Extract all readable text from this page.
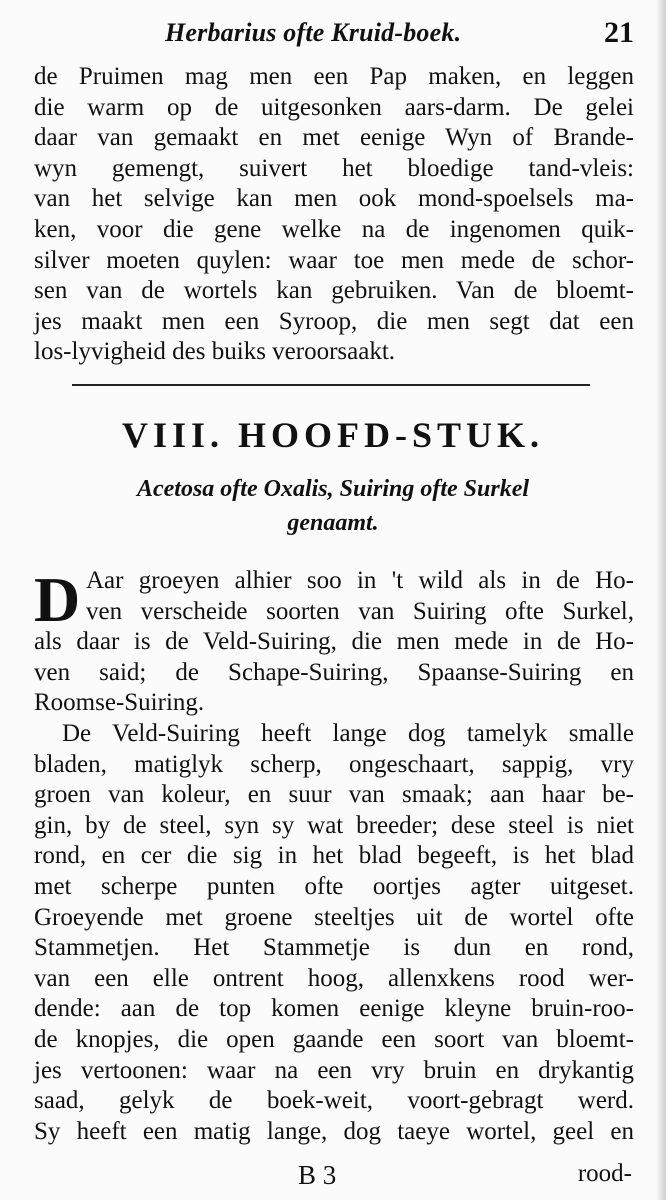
Herbarius ofte Kruid-boek.	21
de Pruimen mag men een Pap maken, en leggen
die warm op de uitgesonken aars-darm. De gelei
daar van gemaakt en met eenige Wyn of Brande-
wyn gemengt, suivert het bloedige tand-vleis:
van het selvige kan men ook mond-spoelsels ma-
ken, voor die gene welke na de ingenomen quik-
silver moeten quylen: waar toe men mede de schor-
sen van de wortels kan gebruiken. Van de bloemt-
jes maakt men een Syroop, die men segt dat een
los-lyvigheid des buiks veroorsaakt.
VIII. HOOFD-STUK.
Acetosa ofte Oxalis, Suiring ofte Surkel
genaamt.
D Aar groeyen alhier soo in 't wild als in de Ho-
ven verscheide soorten van Suiring ofte Surkel,
als daar is de Veld-Suiring, die men mede in de Ho-
ven said; de Schape-Suiring, Spaanse-Suiring en
Roomse-Suiring.
De Veld-Suiring heeft lange dog tamelyk smalle
bladen, matiglyk scherp, ongeschaart, sappig, vry
groen van koleur, en suur van smaak; aan haar be-
gin, by de steel, syn sy wat breeder; dese steel is niet
rond, en cer die sig in het blad begeeft, is het blad
met scherpe punten ofte oortjes agter uitgeset.
Groeyende met groene steeltjes uit de wortel ofte
Stammetjen. Het Stammetje is dun en rond,
van een elle ontrent hoog, allenxkens rood wer-
dende: aan de top komen eenige kleyne bruin-roo-
de knopjes, die open gaande een soort van bloemt-
jes vertoonen: waar na een vry bruin en drykantig
saad, gelyk de boek-weit, voort-gebragt werd.
Sy heeft een matig lange, dog taeye wortel, geel en
B 3	rood-
